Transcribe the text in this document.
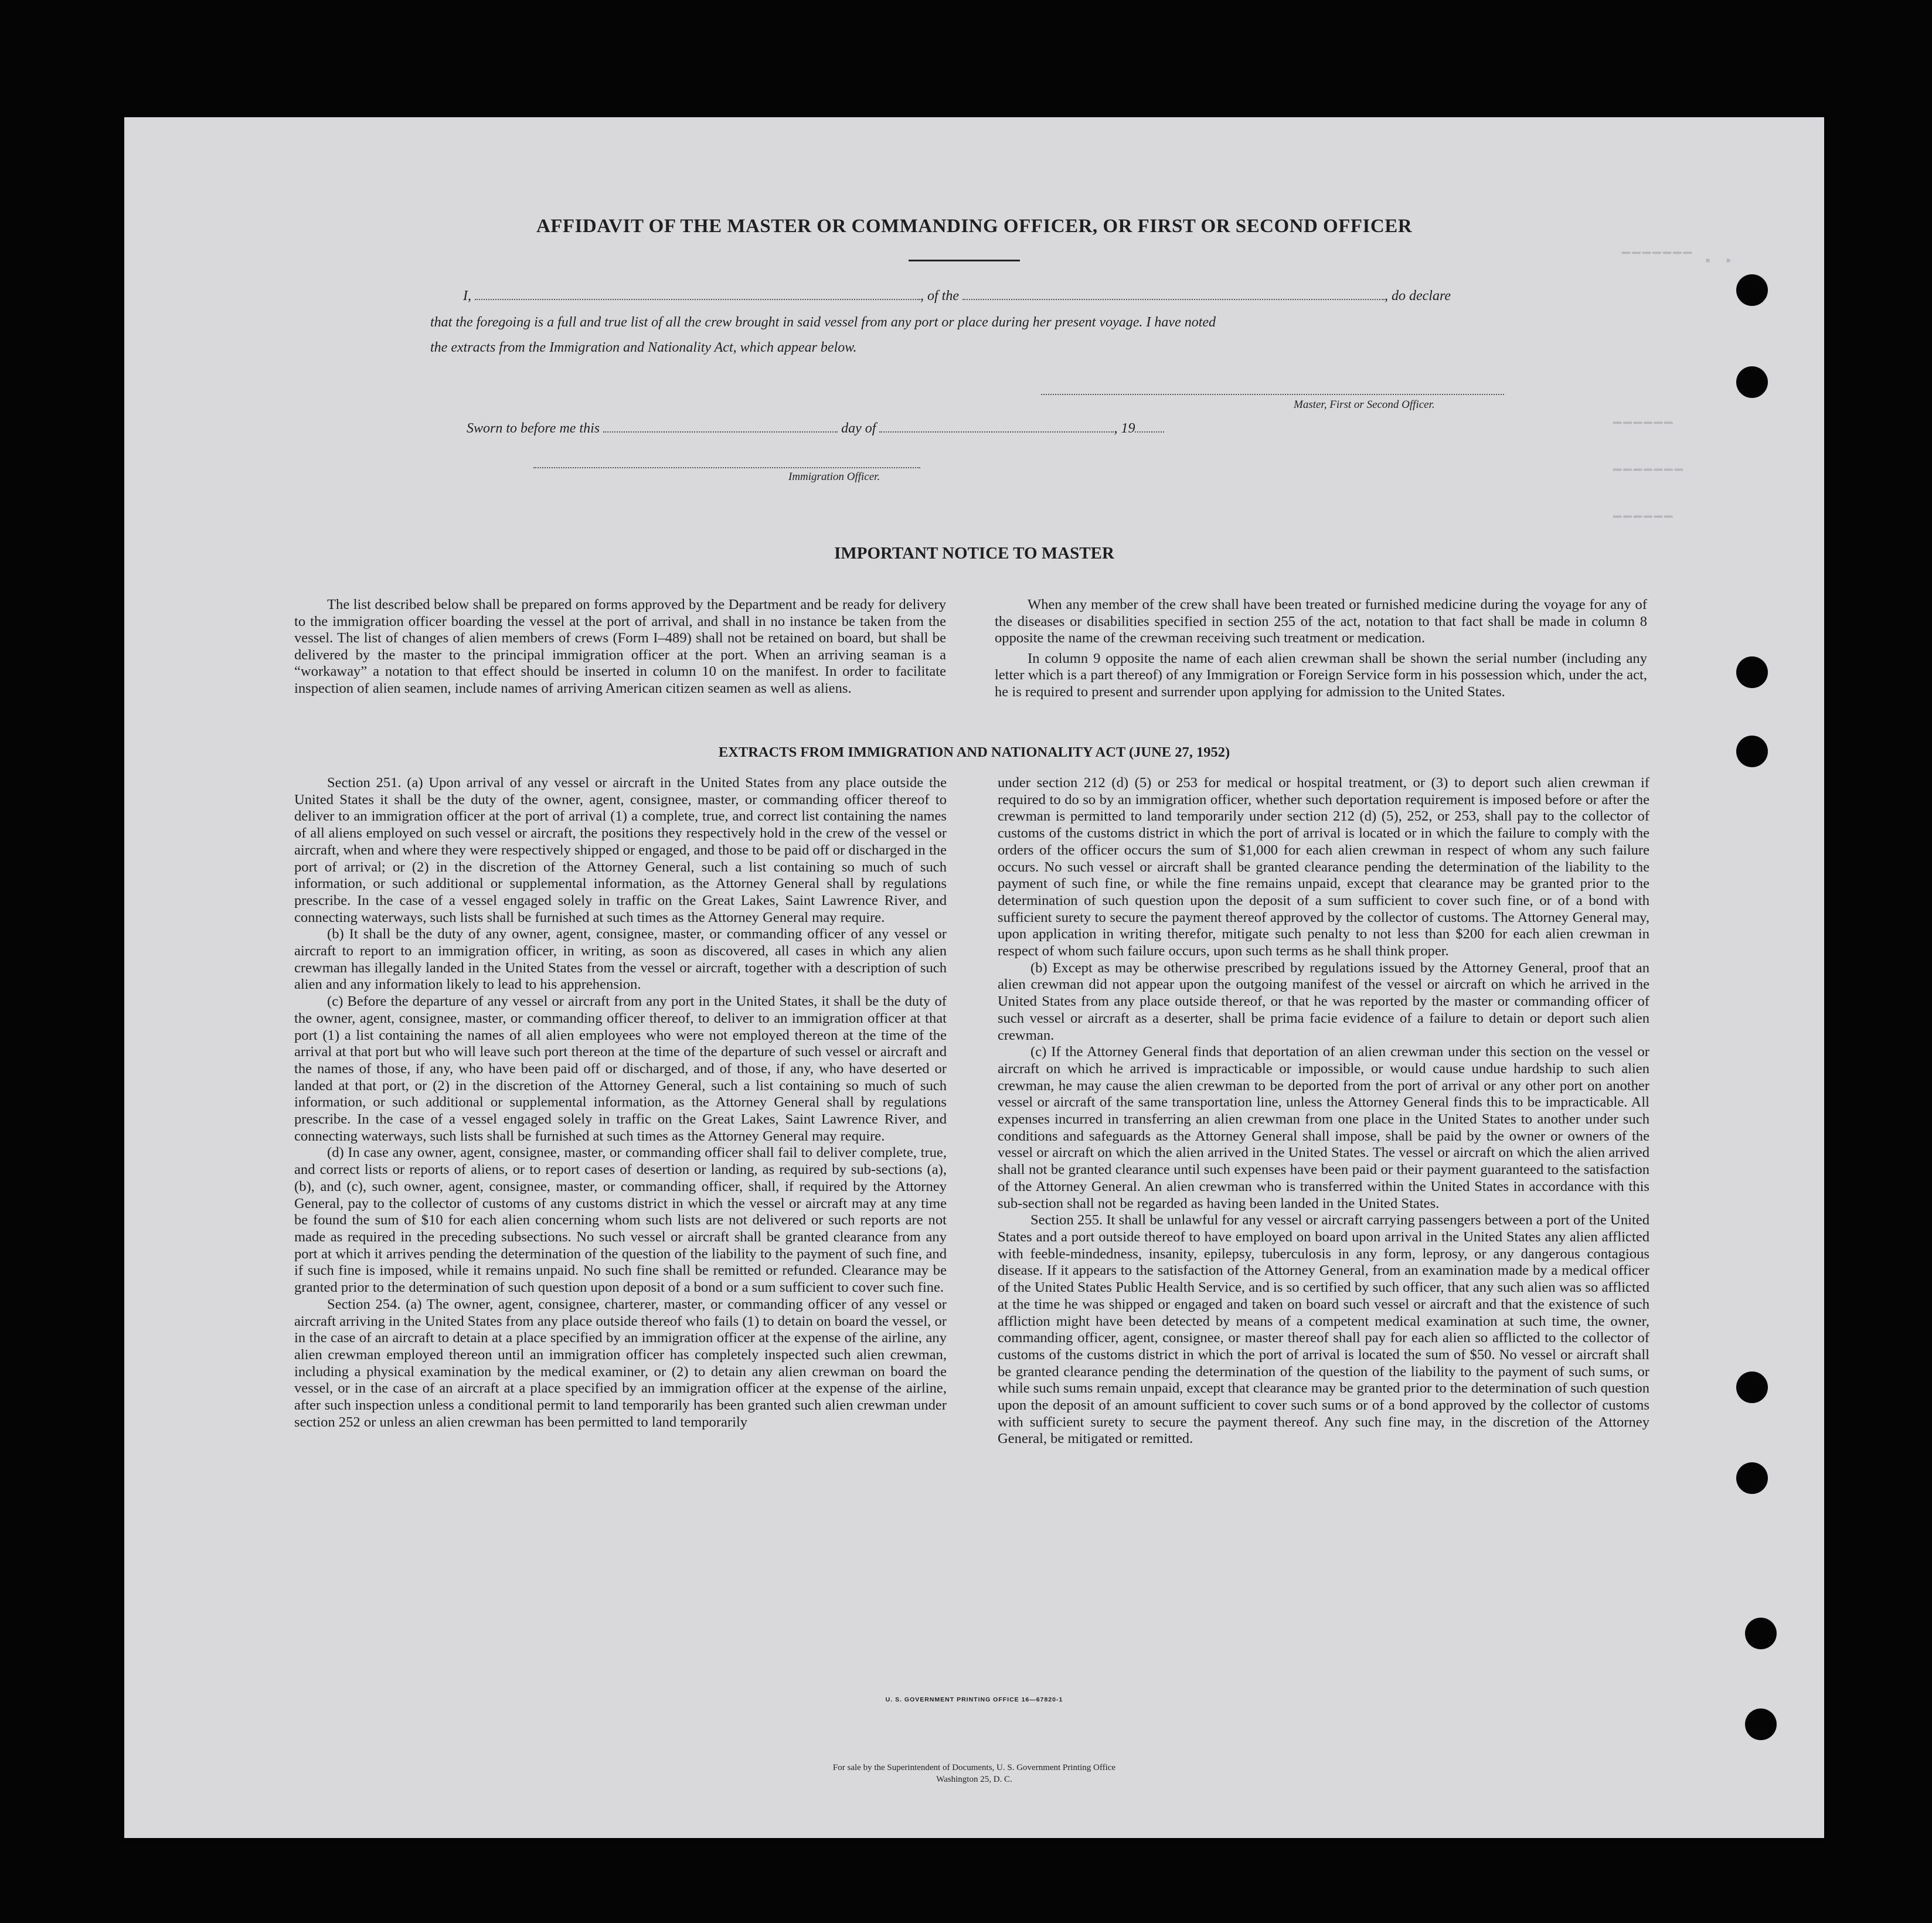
▔▔▔▔▔▔▔ ▪ ▪
▔▔▔▔▔▔
▔▔▔▔▔▔▔
▔▔▔▔▔▔
AFFIDAVIT OF THE MASTER OR COMMANDING OFFICER, OR FIRST OR SECOND OFFICER
I,	, of the	, do declare
that the foregoing is a full and true list of all the crew brought in said vessel from any port or place during her present voyage. I have noted
the extracts from the Immigration and Nationality Act, which appear below.
Master, First or Second Officer.
Sworn to before me this	day of	, 19
Immigration Officer.
IMPORTANT NOTICE TO MASTER

The list described below shall be prepared on forms approved by the Department and be ready for delivery to the immigration officer boarding the vessel at the port of arrival, and shall in no instance be taken from the vessel. The list of changes of alien members of crews (Form I–489) shall not be retained on board, but shall be delivered by the master to the principal immigration officer at the port. When an arriving seaman is a “workaway” a notation to that effect should be inserted in column 10 on the manifest. In order to facilitate inspection of alien seamen, include names of arriving American citizen seamen as well as aliens.

When any member of the crew shall have been treated or furnished medicine during the voyage for any of the diseases or disabilities specified in section 255 of the act, notation to that fact shall be made in column 8 opposite the name of the crewman receiving such treatment or medication.

In column 9 opposite the name of each alien crewman shall be shown the serial number (including any letter which is a part thereof) of any Immigration or Foreign Service form in his possession which, under the act, he is required to present and surrender upon applying for admission to the United States.

EXTRACTS FROM IMMIGRATION AND NATIONALITY ACT (JUNE 27, 1952)

Section 251. (a) Upon arrival of any vessel or aircraft in the United States from any place outside the United States it shall be the duty of the owner, agent, consignee, master, or commanding officer thereof to deliver to an immigration officer at the port of arrival (1) a complete, true, and correct list containing the names of all aliens employed on such vessel or aircraft, the positions they respectively hold in the crew of the vessel or aircraft, when and where they were respectively shipped or engaged, and those to be paid off or discharged in the port of arrival; or (2) in the discretion of the Attorney General, such a list containing so much of such information, or such additional or supplemental information, as the Attorney General shall by regulations prescribe. In the case of a vessel engaged solely in traffic on the Great Lakes, Saint Lawrence River, and connecting waterways, such lists shall be furnished at such times as the Attorney General may require.

(b) It shall be the duty of any owner, agent, consignee, master, or commanding officer of any vessel or aircraft to report to an immigration officer, in writing, as soon as discovered, all cases in which any alien crewman has illegally landed in the United States from the vessel or aircraft, together with a description of such alien and any information likely to lead to his apprehension.

(c) Before the departure of any vessel or aircraft from any port in the United States, it shall be the duty of the owner, agent, consignee, master, or commanding officer thereof, to deliver to an immigration officer at that port (1) a list containing the names of all alien employees who were not employed thereon at the time of the arrival at that port but who will leave such port thereon at the time of the departure of such vessel or aircraft and the names of those, if any, who have been paid off or discharged, and of those, if any, who have deserted or landed at that port, or (2) in the discretion of the Attorney General, such a list containing so much of such information, or such additional or supplemental information, as the Attorney General shall by regulations prescribe. In the case of a vessel engaged solely in traffic on the Great Lakes, Saint Lawrence River, and connecting waterways, such lists shall be furnished at such times as the Attorney General may require.

(d) In case any owner, agent, consignee, master, or commanding officer shall fail to deliver complete, true, and correct lists or reports of aliens, or to report cases of desertion or landing, as required by sub-sections (a), (b), and (c), such owner, agent, consignee, master, or commanding officer, shall, if required by the Attorney General, pay to the collector of customs of any customs district in which the vessel or aircraft may at any time be found the sum of $10 for each alien concerning whom such lists are not delivered or such reports are not made as required in the preceding subsections. No such vessel or aircraft shall be granted clearance from any port at which it arrives pending the determination of the question of the liability to the payment of such fine, and if such fine is imposed, while it remains unpaid. No such fine shall be remitted or refunded. Clearance may be granted prior to the determination of such question upon deposit of a bond or a sum sufficient to cover such fine.

Section 254. (a) The owner, agent, consignee, charterer, master, or commanding officer of any vessel or aircraft arriving in the United States from any place outside thereof who fails (1) to detain on board the vessel, or in the case of an aircraft to detain at a place specified by an immigration officer at the expense of the airline, any alien crewman employed thereon until an immigration officer has completely inspected such alien crewman, including a physical examination by the medical examiner, or (2) to detain any alien crewman on board the vessel, or in the case of an aircraft at a place specified by an immigration officer at the expense of the airline, after such inspection unless a conditional permit to land temporarily has been granted such alien crewman under section 252 or unless an alien crewman has been permitted to land temporarily

under section 212 (d) (5) or 253 for medical or hospital treatment, or (3) to deport such alien crewman if required to do so by an immigration officer, whether such deportation requirement is imposed before or after the crewman is permitted to land temporarily under section 212 (d) (5), 252, or 253, shall pay to the collector of customs of the customs district in which the port of arrival is located or in which the failure to comply with the orders of the officer occurs the sum of $1,000 for each alien crewman in respect of whom any such failure occurs. No such vessel or aircraft shall be granted clearance pending the determination of the liability to the payment of such fine, or while the fine remains unpaid, except that clearance may be granted prior to the determination of such question upon the deposit of a sum sufficient to cover such fine, or of a bond with sufficient surety to secure the payment thereof approved by the collector of customs. The Attorney General may, upon application in writing therefor, mitigate such penalty to not less than $200 for each alien crewman in respect of whom such failure occurs, upon such terms as he shall think proper.

(b) Except as may be otherwise prescribed by regulations issued by the Attorney General, proof that an alien crewman did not appear upon the outgoing manifest of the vessel or aircraft on which he arrived in the United States from any place outside thereof, or that he was reported by the master or commanding officer of such vessel or aircraft as a deserter, shall be prima facie evidence of a failure to detain or deport such alien crewman.

(c) If the Attorney General finds that deportation of an alien crewman under this section on the vessel or aircraft on which he arrived is impracticable or impossible, or would cause undue hardship to such alien crewman, he may cause the alien crewman to be deported from the port of arrival or any other port on another vessel or aircraft of the same transportation line, unless the Attorney General finds this to be impracticable. All expenses incurred in transferring an alien crewman from one place in the United States to another under such conditions and safeguards as the Attorney General shall impose, shall be paid by the owner or owners of the vessel or aircraft on which the alien arrived in the United States. The vessel or aircraft on which the alien arrived shall not be granted clearance until such expenses have been paid or their payment guaranteed to the satisfaction of the Attorney General. An alien crewman who is transferred within the United States in accordance with this sub-section shall not be regarded as having been landed in the United States.

Section 255. It shall be unlawful for any vessel or aircraft carrying passengers between a port of the United States and a port outside thereof to have employed on board upon arrival in the United States any alien afflicted with feeble-mindedness, insanity, epilepsy, tuberculosis in any form, leprosy, or any dangerous contagious disease. If it appears to the satisfaction of the Attorney General, from an examination made by a medical officer of the United States Public Health Service, and is so certified by such officer, that any such alien was so afflicted at the time he was shipped or engaged and taken on board such vessel or aircraft and that the existence of such affliction might have been detected by means of a competent medical examination at such time, the owner, commanding officer, agent, consignee, or master thereof shall pay for each alien so afflicted to the collector of customs of the customs district in which the port of arrival is located the sum of $50. No vessel or aircraft shall be granted clearance pending the determination of the question of the liability to the payment of such sums, or while such sums remain unpaid, except that clearance may be granted prior to the determination of such question upon the deposit of an amount sufficient to cover such sums or of a bond approved by the collector of customs with sufficient surety to secure the payment thereof. Any such fine may, in the discretion of the Attorney General, be mitigated or remitted.

U. S. GOVERNMENT PRINTING OFFICE 16—67820-1
For sale by the Superintendent of Documents, U. S. Government Printing Office
Washington 25, D. C.
